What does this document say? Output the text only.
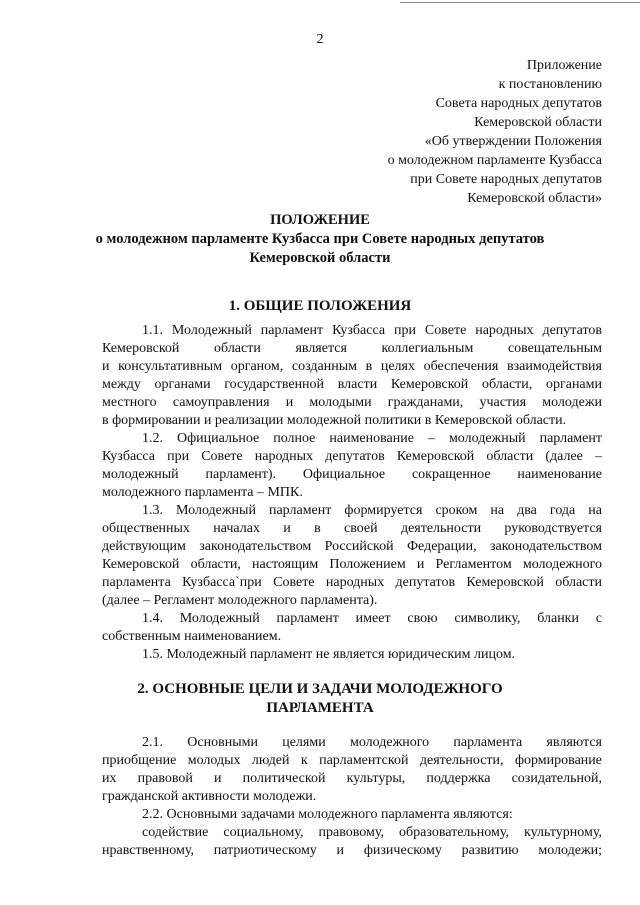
2
Приложение
к постановлению
Совета народных депутатов
Кемеровской области
«Об утверждении Положения
о молодежном парламенте Кузбасса
при Совете народных депутатов
Кемеровской области»
ПОЛОЖЕНИЕ
о молодежном парламенте Кузбасса при Совете народных депутатов
Кемеровской области
1. ОБЩИЕ ПОЛОЖЕНИЯ
1.1. Молодежный парламент Кузбасса при Совете народных депутатов
Кемеровской области является коллегиальным совещательным
и консультативным органом, созданным в целях обеспечения взаимодействия
между органами государственной власти Кемеровской области, органами
местного самоуправления и молодыми гражданами, участия молодежи
в формировании и реализации молодежной политики в Кемеровской области.
1.2. Официальное полное наименование – молодежный парламент
Кузбасса при Совете народных депутатов Кемеровской области (далее –
молодежный парламент). Официальное сокращенное наименование
молодежного парламента – МПК.
1.3. Молодежный парламент формируется сроком на два года на
общественных началах и в своей деятельности руководствуется
действующим законодательством Российской Федерации, законодательством
Кемеровской области, настоящим Положением и Регламентом молодежного
парламента Кузбасса`при Совете народных депутатов Кемеровской области
(далее – Регламент молодежного парламента).
1.4. Молодежный парламент имеет свою символику, бланки с
собственным наименованием.
1.5. Молодежный парламент не является юридическим лицом.
2. ОСНОВНЫЕ ЦЕЛИ И ЗАДАЧИ МОЛОДЕЖНОГО
ПАРЛАМЕНТА
2.1. Основными целями молодежного парламента являются
приобщение молодых людей к парламентской деятельности, формирование
их правовой и политической культуры, поддержка созидательной,
гражданской активности молодежи.
2.2. Основными задачами молодежного парламента являются:
содействие социальному, правовому, образовательному, культурному,
нравственному, патриотическому и физическому развитию молодежи;
